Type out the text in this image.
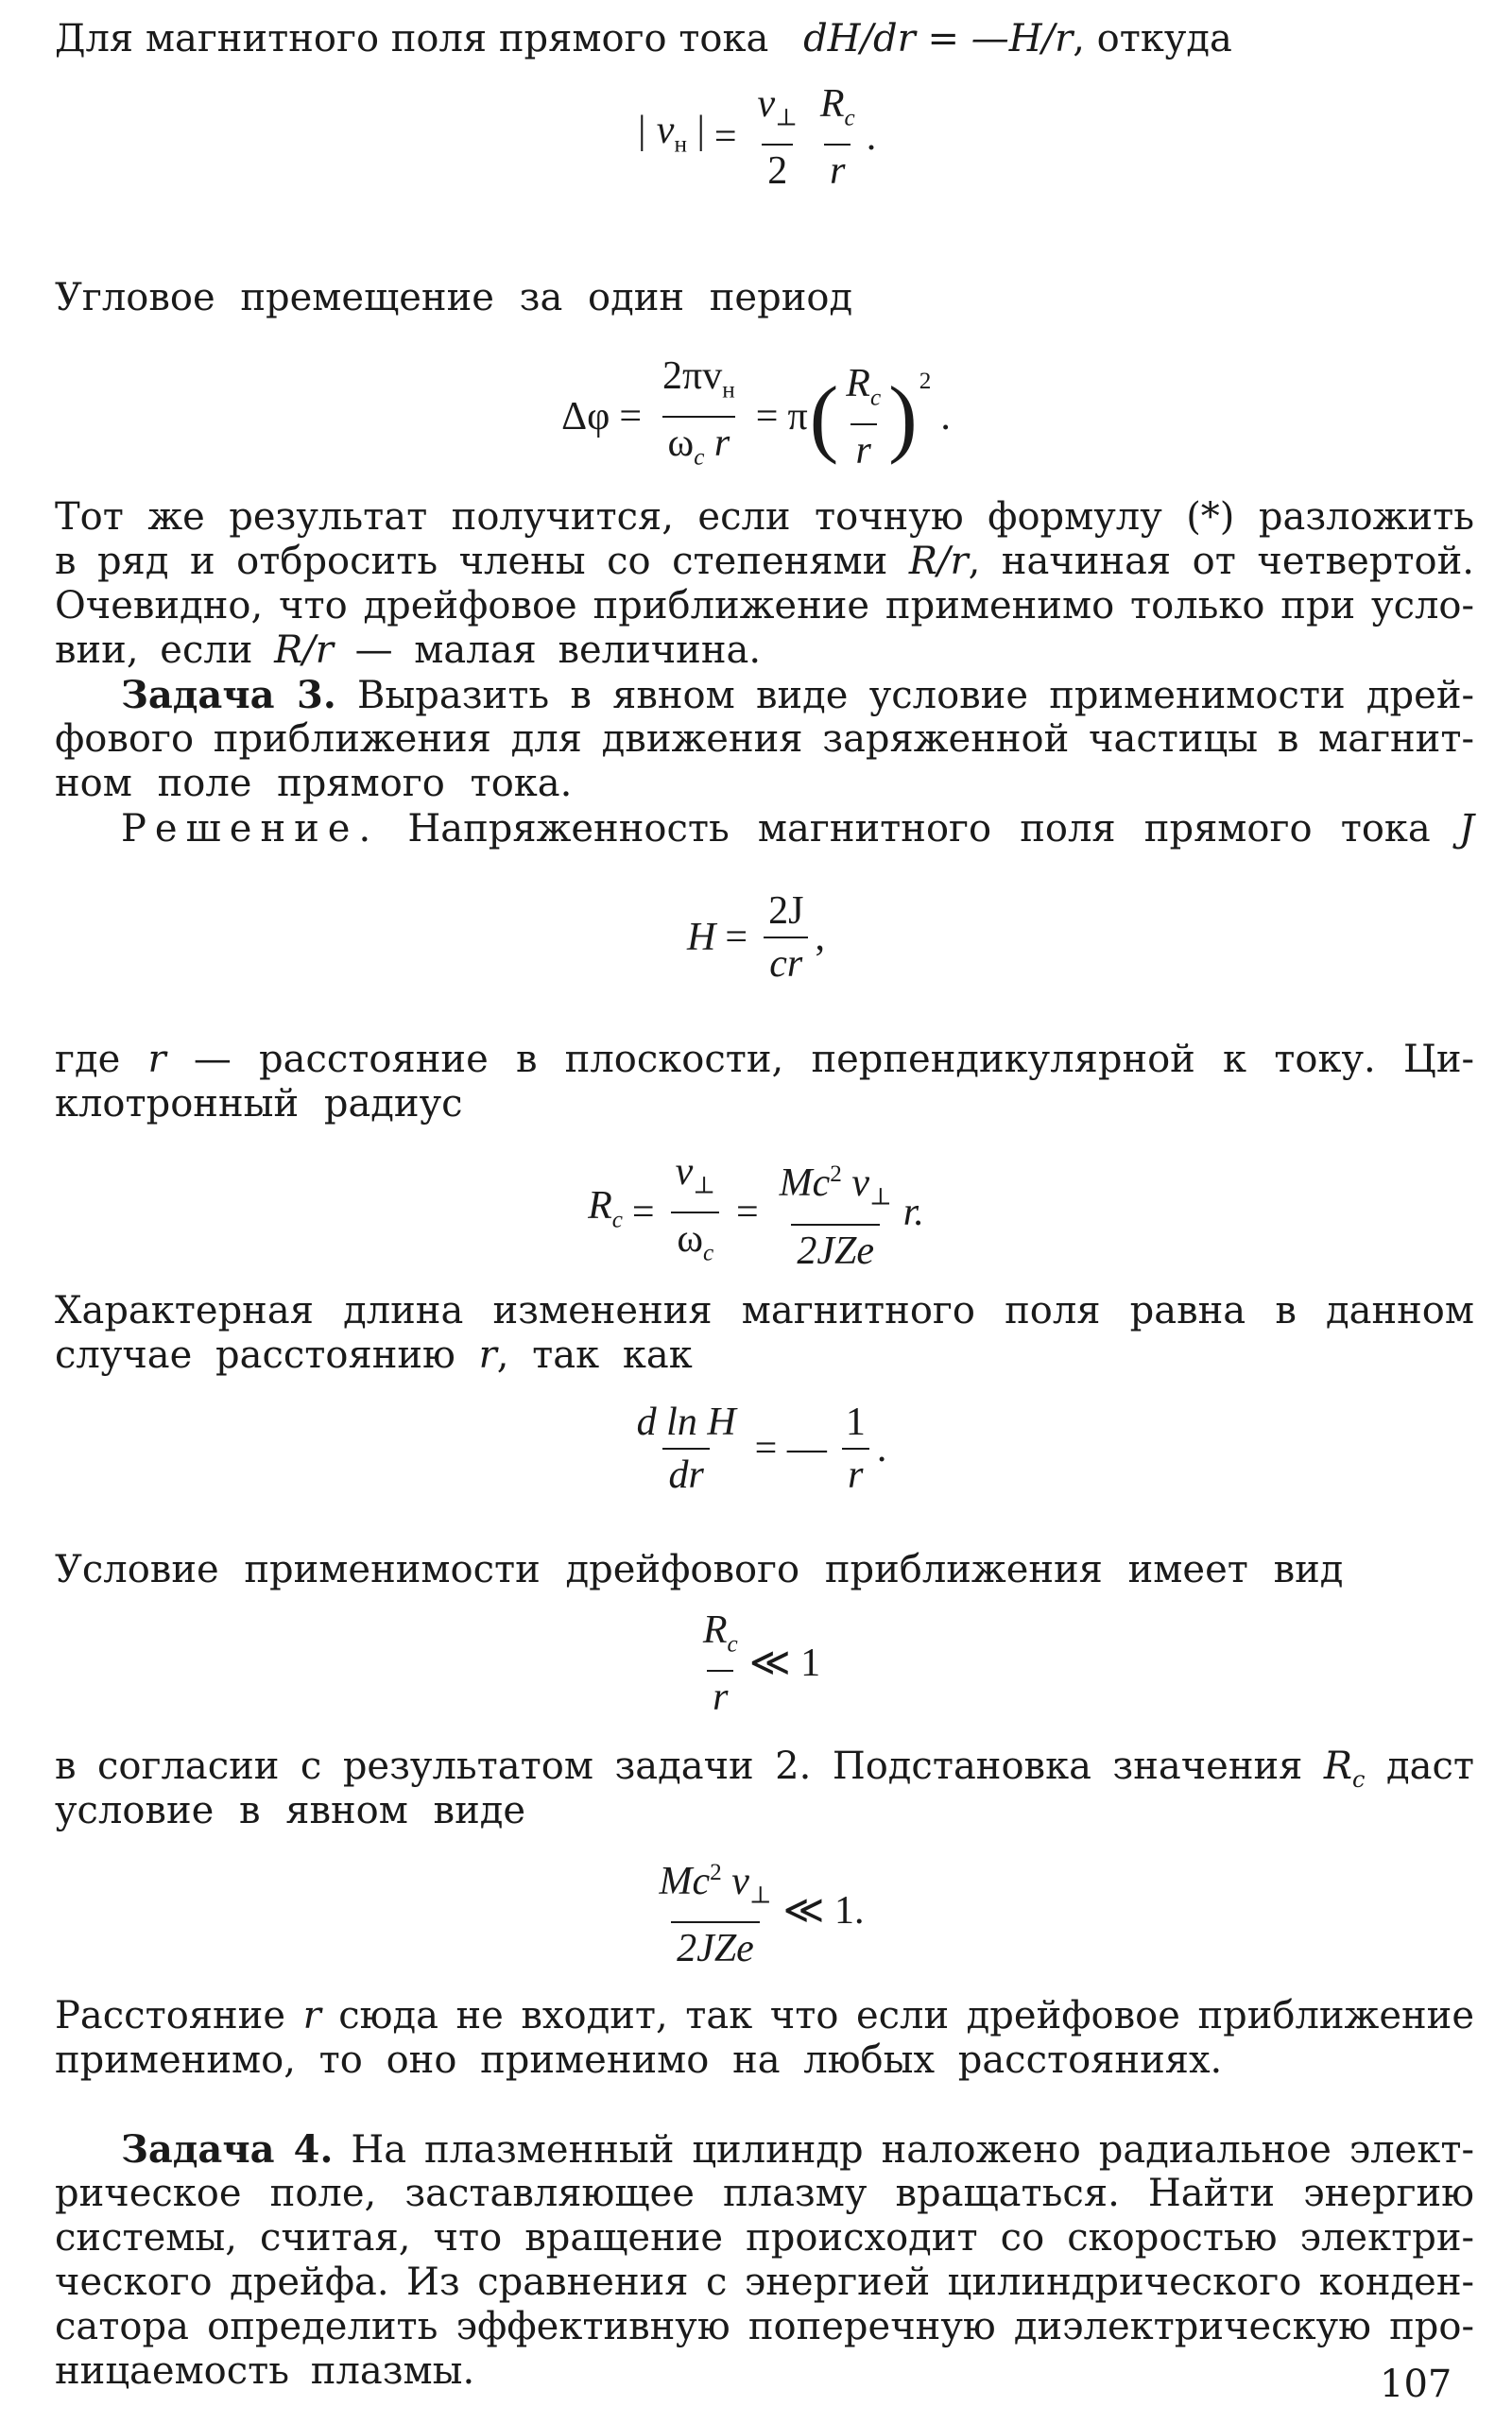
Для магнитного поля прямого тока dH/dr = —H/r, откуда
| $v_н$ | = $\frac{v_\perp}{2} \frac{R_c}{r}$ .
Угловое премещение за один период
$\Delta\varphi = \frac{2\pi v_н}{\omega_c r} = \pi$ ( $\frac{R_c}{r} )^2$
.
Тот же результат получится, если точную формулу (*) разложить
в ряд и отбросить члены со степенями R/r, начиная от четвертой.
Очевидно, что дрейфовое приближение применимо только при усло-
вии, если R/r — малая величина.
Задача 3. Выразить в явном виде условие применимости дрей-
фового приближения для движения заряженной частицы в магнит-
ном поле прямого тока.
Решение. Напряженность магнитного поля прямого тока J
$H = \frac{2J}{cr}$ ,
где r — расстояние в плоскости, перпендикулярной к току. Ци-
клотронный радиус
$R_c = \frac{v_\perp}{\omega_c} = \frac{Mc^2 v_\perp}{\text{2JZe}} r$.
Характерная длина изменения магнитного поля равна в данном
случае расстоянию r, так как
$\frac{\text{d ln H}}{dr}$ = — $\frac{1}{r}$ .
Условие применимости дрейфового приближения имеет вид
$\frac{R_c}{r}$ ≪ 1
в согласии с результатом задачи 2. Подстановка значения $R_c$ даст
условие в явном виде
$\frac{Mc^2 v_\perp}{\text{2JZe}}$ ≪ 1.
Расстояние r сюда не входит, так что если дрейфовое приближение
применимо, то оно применимо на любых расстояниях.
Задача 4. На плазменный цилиндр наложено радиальное элект-
рическое поле, заставляющее плазму вращаться. Найти энергию
системы, считая, что вращение происходит со скоростью электри-
ческого дрейфа. Из сравнения с энергией цилиндрического конден-
сатора определить эффективную поперечную диэлектрическую про-
ницаемость плазмы.	107
